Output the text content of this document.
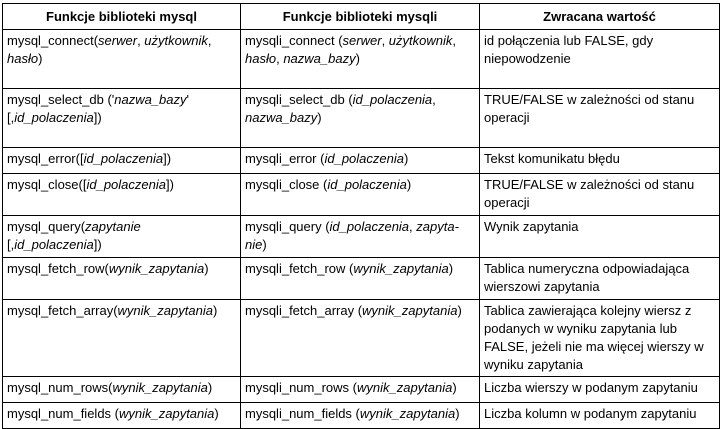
Funkcje biblioteki mysql	Funkcje biblioteki mysqli	Zwracana wartość
mysql_connect(serwer, użytkownik, hasło)	mysqli_connect (serwer, użytkownik, hasło, nazwa_bazy)	id połączenia lub FALSE, gdy niepowodzenie
mysql_select_db ('nazwa_bazy' [,id_polaczenia])	mysqli_select_db (id_polaczenia, nazwa_bazy)	TRUE/FALSE w zależności od stanu operacji
mysql_error([id_polaczenia])	mysqli_error (id_polaczenia)	Tekst komunikatu błędu
mysql_close([id_polaczenia])	mysqli_close (id_polaczenia)	TRUE/FALSE w zależności od stanu operacji
mysql_query(zapytanie [,id_polaczenia])	mysqli_query (id_polaczenia, zapyta-nie)	Wynik zapytania
mysql_fetch_row(wynik_zapytania)	mysqli_fetch_row (wynik_zapytania)	Tablica numeryczna odpowiadająca wierszowi zapytania
mysql_fetch_array(wynik_zapytania)	mysqli_fetch_array (wynik_zapytania)	Tablica zawierająca kolejny wiersz z podanych w wyniku zapytania lub FALSE, jeżeli nie ma więcej wierszy w wyniku zapytania
mysql_num_rows(wynik_zapytania)	mysqli_num_rows (wynik_zapytania)	Liczba wierszy w podanym zapytaniu
mysql_num_fields (wynik_zapytania)	mysqli_num_fields (wynik_zapytania)	Liczba kolumn w podanym zapytaniu
